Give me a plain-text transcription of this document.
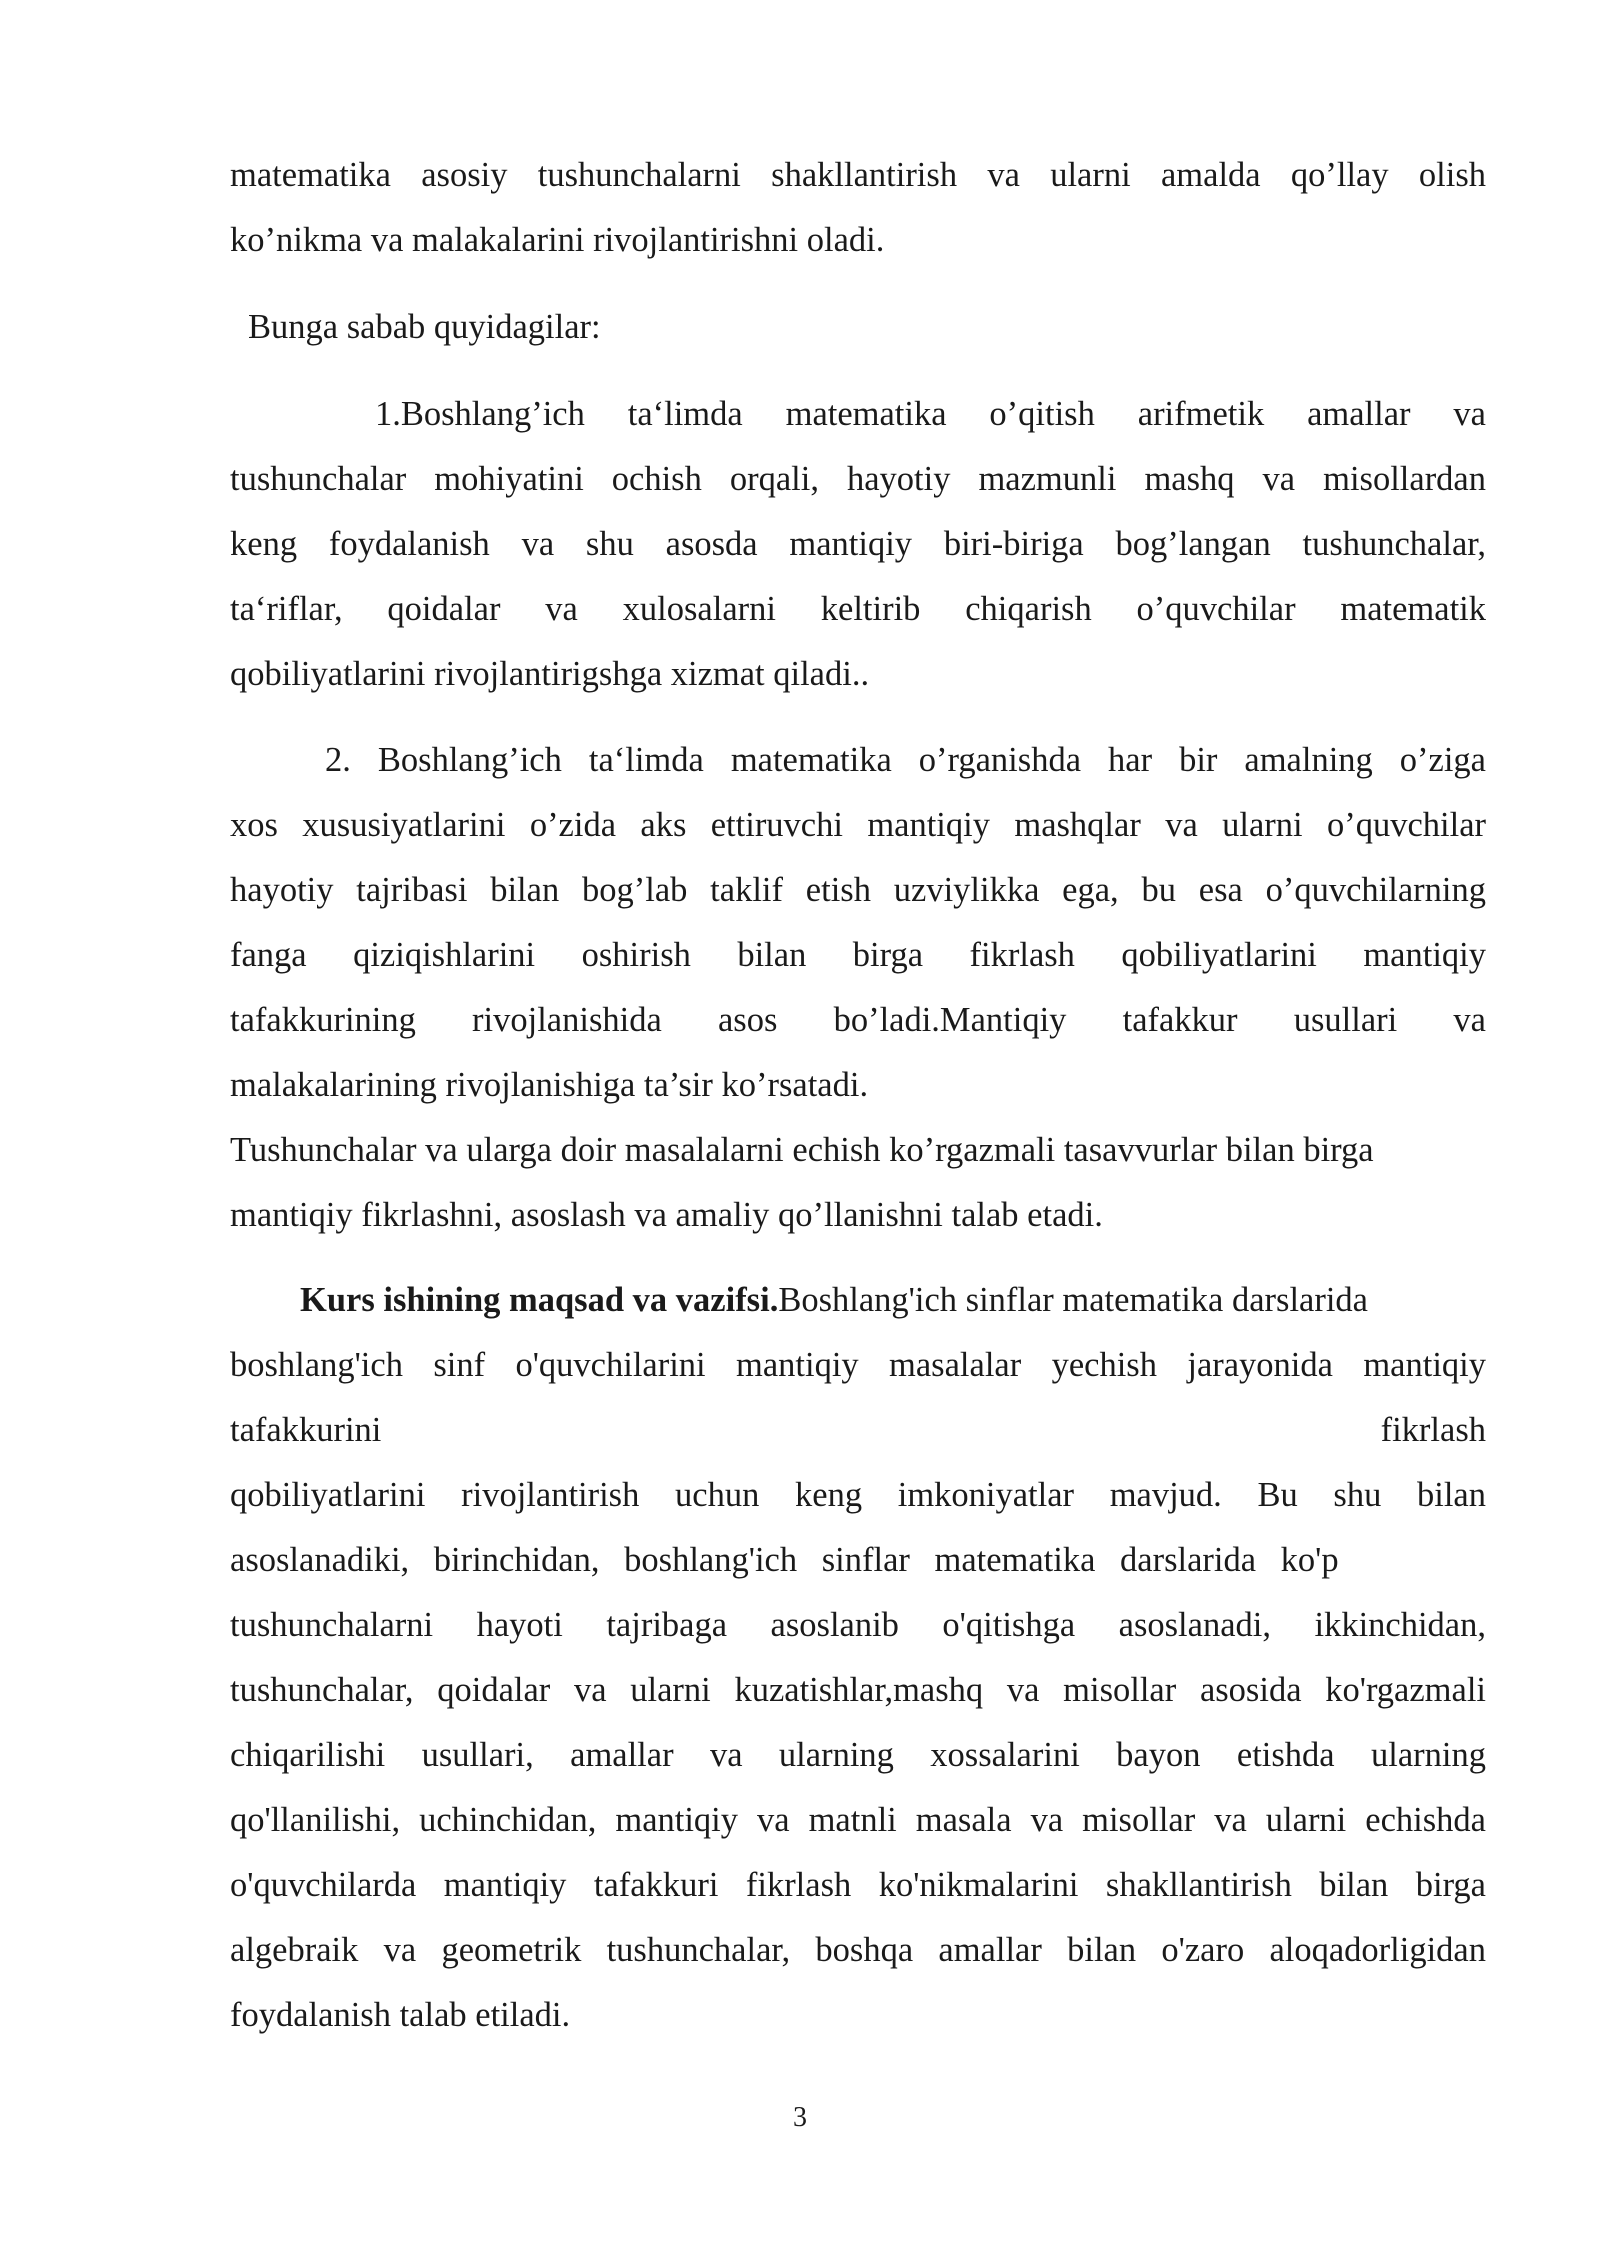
matematika asosiy tushunchalarni shakllantirish va ularni amalda qo’llay olish
ko’nikma va malakalarini rivojlantirishni oladi.
Bunga sabab quyidagilar:
1.Boshlang’ich ta‘limda matematika o’qitish arifmetik amallar va
tushunchalar mohiyatini ochish orqali, hayotiy mazmunli mashq va misollardan
keng foydalanish va shu asosda mantiqiy biri-biriga bog’langan tushunchalar,
ta‘riflar, qoidalar va xulosalarni keltirib chiqarish o’quvchilar matematik
qobiliyatlarini rivojlantirigshga xizmat qiladi..
2. Boshlang’ich ta‘limda matematika o’rganishda har bir amalning o’ziga
xos xususiyatlarini o’zida aks ettiruvchi mantiqiy mashqlar va ularni o’quvchilar
hayotiy tajribasi bilan bog’lab taklif etish uzviylikka ega, bu esa o’quvchilarning
fanga qiziqishlarini oshirish bilan birga fikrlash qobiliyatlarini mantiqiy
tafakkurining rivojlanishida asos bo’ladi.Mantiqiy tafakkur usullari va
malakalarining rivojlanishiga ta’sir ko’rsatadi.
Tushunchalar va ularga doir masalalarni echish ko’rgazmali tasavvurlar bilan birga
mantiqiy fikrlashni, asoslash va amaliy qo’llanishni talab etadi.
Kurs ishining maqsad va vazifsi.Boshlang'ich sinflar matematika darslarida
boshlang'ich sinf o'quvchilarini mantiqiy masalalar yechish jarayonida mantiqiy
tafakkurini fikrlash
qobiliyatlarini rivojlantirish uchun keng imkoniyatlar mavjud. Bu shu bilan
asoslanadiki, birinchidan, boshlang'ich sinflar matematika darslarida ko'p
tushunchalarni hayoti tajribaga asoslanib o'qitishga asoslanadi, ikkinchidan,
tushunchalar, qoidalar va ularni kuzatishlar,mashq va misollar asosida ko'rgazmali
chiqarilishi usullari, amallar va ularning xossalarini bayon etishda ularning
qo'llanilishi, uchinchidan, mantiqiy va matnli masala va misollar va ularni echishda
o'quvchilarda mantiqiy tafakkuri fikrlash ko'nikmalarini shakllantirish bilan birga
algebraik va geometrik tushunchalar, boshqa amallar bilan o'zaro aloqadorligidan
foydalanish talab etiladi.
3
